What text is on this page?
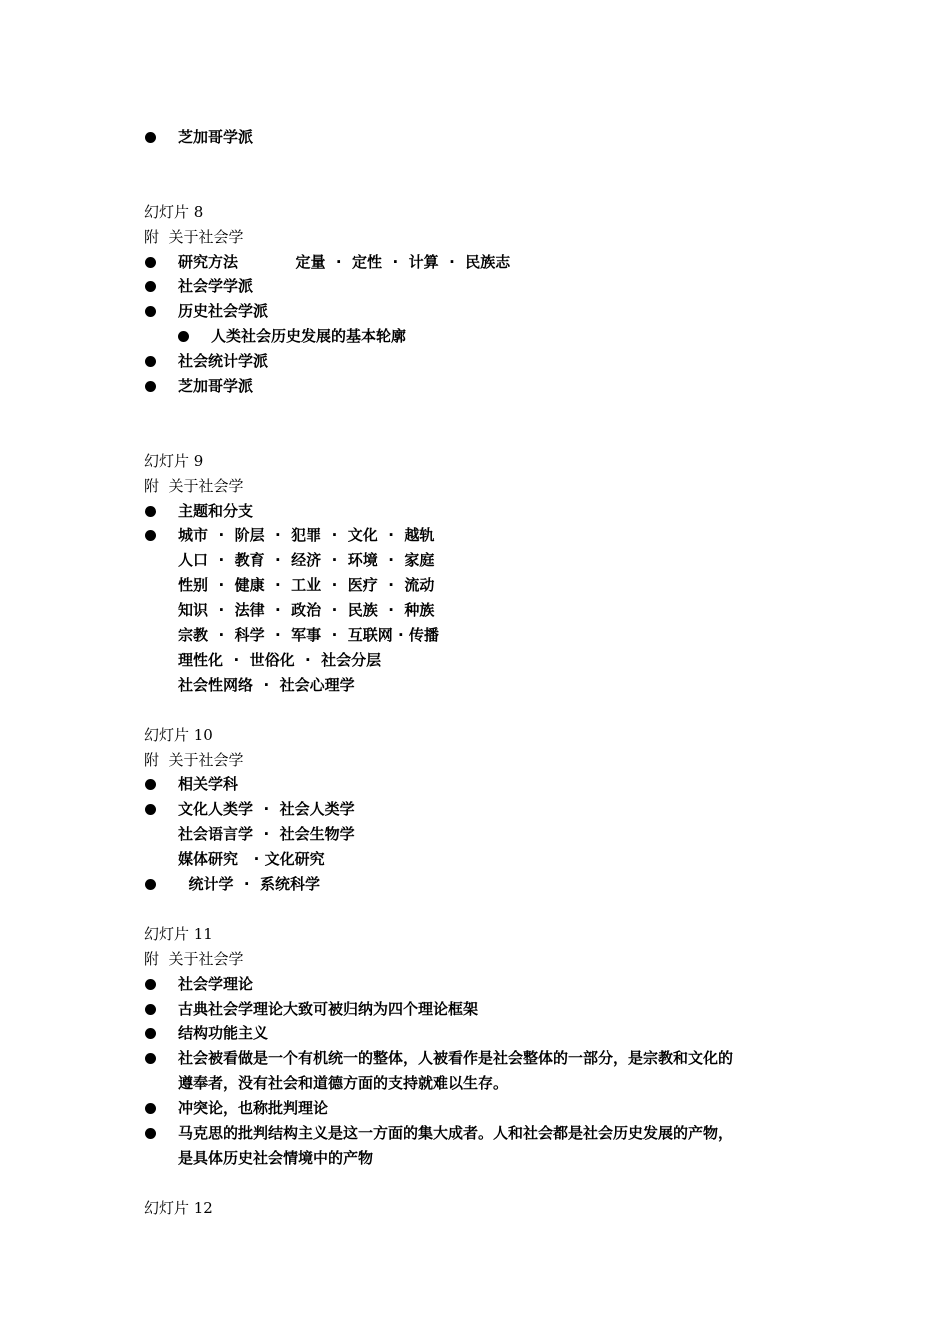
芝加哥学派
幻灯片 8
附  关于社会学
研究方法           定量  ·  定性  ·  计算  ·  民族志
社会学学派
历史社会学派
人类社会历史发展的基本轮廓
社会统计学派
芝加哥学派
幻灯片 9
附  关于社会学
主题和分支
城市  ·  阶层  ·  犯罪  ·  文化  ·  越轨
人口  ·  教育  ·  经济  ·  环境  ·  家庭
性别  ·  健康  ·  工业  ·  医疗  ·  流动
知识  ·  法律  ·  政治  ·  民族  ·  种族
宗教  ·  科学  ·  军事  ·  互联网 · 传播
理性化  ·  世俗化  ·  社会分层
社会性网络  ·  社会心理学
幻灯片 10
附  关于社会学
相关学科
文化人类学  ·  社会人类学
社会语言学  ·  社会生物学
媒体研究   · 文化研究
统计学  ·  系统科学
幻灯片 11
附  关于社会学
社会学理论
古典社会学理论大致可被归纳为四个理论框架
结构功能主义
社会被看做是一个有机统一的整体，人被看作是社会整体的一部分，是宗教和文化的
遵奉者，没有社会和道德方面的支持就难以生存。
冲突论，也称批判理论
马克思的批判结构主义是这一方面的集大成者。人和社会都是社会历史发展的产物，
是具体历史社会情境中的产物
幻灯片 12
